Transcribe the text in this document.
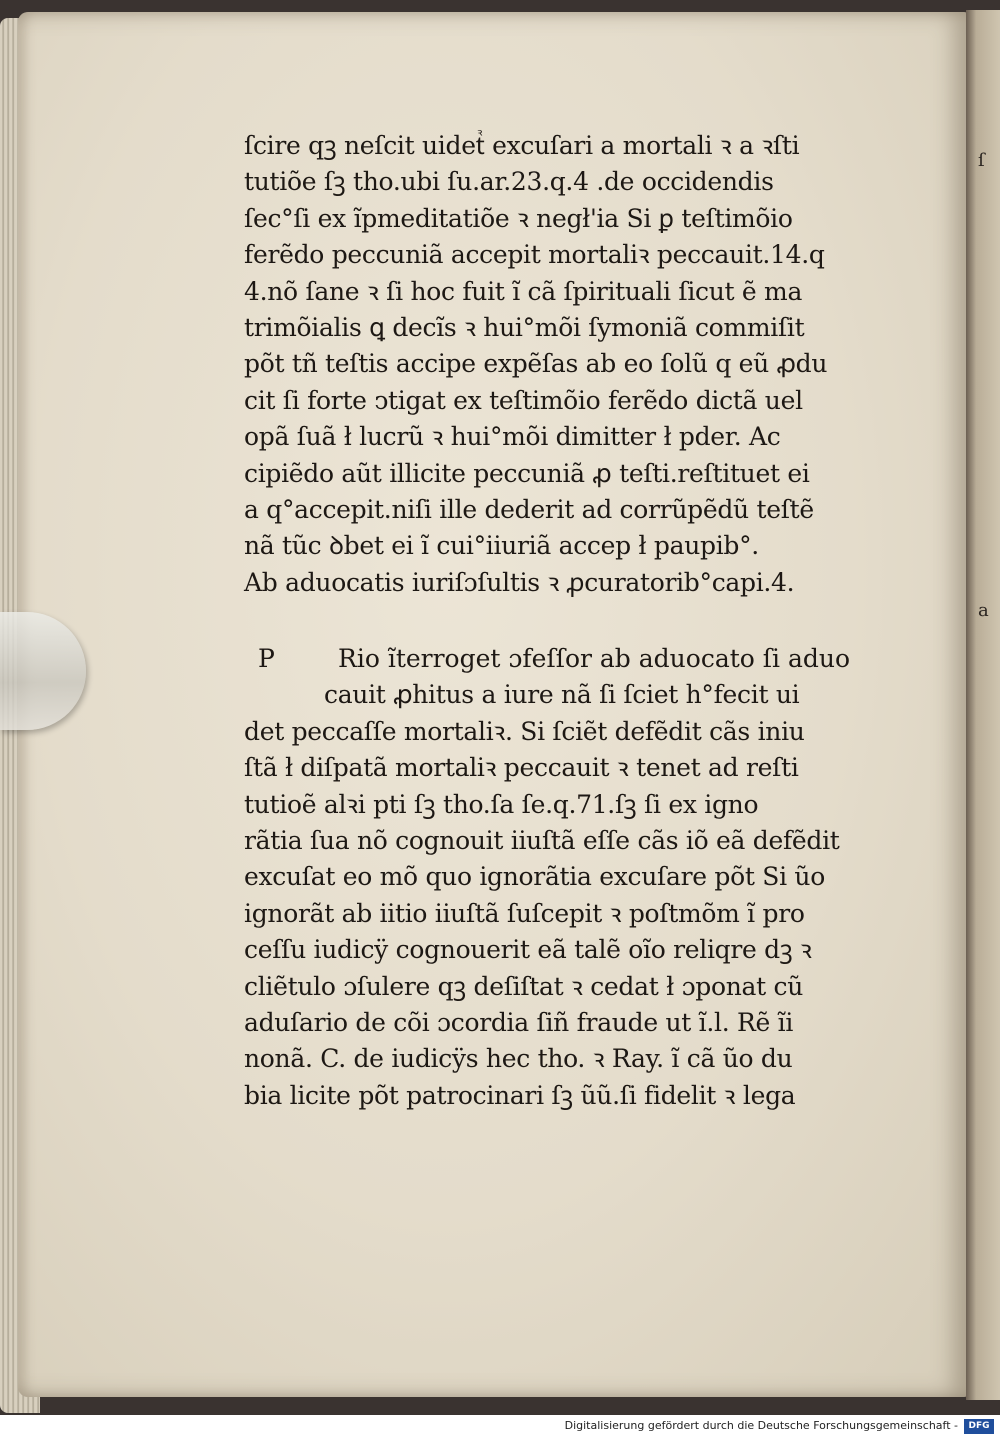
ſ
a
ſcire qꝫ neſcit uidetᷣ excuſari a mortali ꝛ a ꝛſti
tutiõe ſꝫ tho.ubi ſu.ar.23.q.4 .de occidendis
ſec°ſi ex ĩpmeditatiõe ꝛ negł'ia Si ꝑ teſtimõio
ferẽdo peccuniã accepit mortaliꝛ peccauit.14.q
4.nõ ſane ꝛ ſi hoc fuit ĩ cã ſpirituali ſicut ẽ ma
trimõialis ꝗ decĩs ꝛ hui°mõi ſymoniã commiſit
põt tñ teſtis accipe expẽſas ab eo ſolũ q eũ ꝓdu
cit ſi forte ↄtigat ex teſtimõio ferẽdo dictã uel
opã ſuã ł lucrũ ꝛ hui°mõi dimitter ł pder. Ac
cipiẽdo aũt illicite peccuniã ꝓ teſti.reſtituet ei
a q°accepit.niſi ille dederit ad corrũpẽdũ teſtẽ
nã tũc ꝺbet ei ĩ cui°iiuriã accep ł paupib°.
Ab aduocatis iuriſɔſultis ꝛ ꝓcuratorib°capi.4.
P	Rio ĩterroget ɔfeſſor ab aduocato ſi aduo
cauit ꝓhitus a iure nã ſi ſciet h°fecit ui
det peccaſſe mortaliꝛ. Si ſciẽt defẽdit cãs iniu
ſtã ł diſpatã mortaliꝛ peccauit ꝛ tenet ad reſti
tutioẽ alꝛi pti ſꝫ tho.ſa ſe.q.71.ſꝫ ſi ex igno
rãtia ſua nõ cognouit iiuſtã eſſe cãs iõ eã defẽdit
excuſat eo mõ quo ignorãtia excuſare põt Si ũo
ignorãt ab iitio iiuſtã ſuſcepit ꝛ poſtmõm ĩ pro
ceſſu iudicÿ cognouerit eã talẽ oĩo reliqre dꝫ ꝛ
cliẽtulo ɔſulere qꝫ deſiſtat ꝛ cedat ł ɔponat cũ
aduſario de cõi ɔcordia ſiñ fraude ut ĩ.l. Rẽ ĩi
nonã. C. de iudicÿs hec tho. ꝛ Ray. ĩ cã ũo du
bia licite põt patrocinari ſꝫ ũũ.ſi fidelit ꝛ lega
Digitalisierung gefördert durch die Deutsche Forschungsgemeinschaft -	DFG
